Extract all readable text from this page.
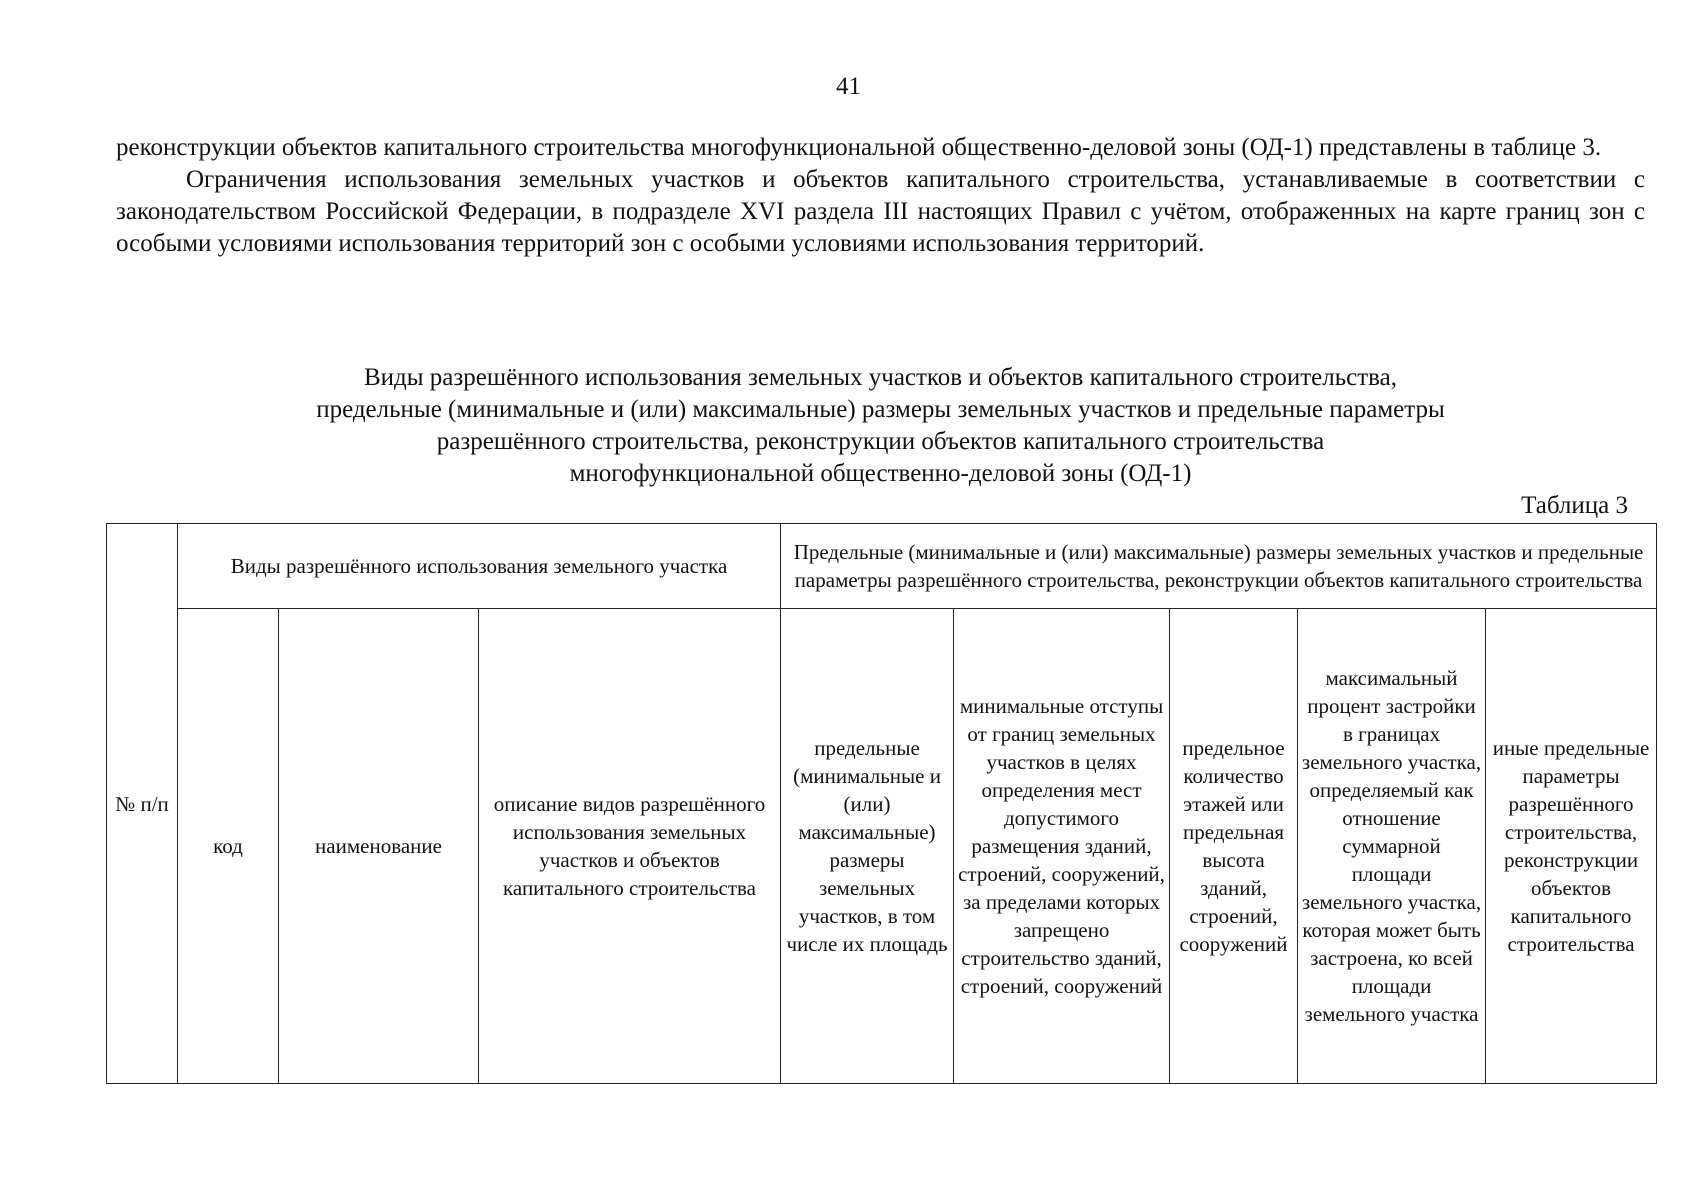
41

реконструкции объектов капитального строительства многофункциональной общественно-деловой зоны (ОД-1) представлены в таблице 3.

Ограничения использования земельных участков и объектов капитального строительства, устанавливаемые в соответствии с законодательством Российской Федерации, в подразделе XVI раздела III настоящих Правил с учётом, отображенных на карте границ зон с особыми условиями использования территорий зон с особыми условиями использования территорий.

Виды разрешённого использования земельных участков и объектов капитального строительства,
предельные (минимальные и (или) максимальные) размеры земельных участков и предельные параметры
разрешённого строительства, реконструкции объектов капитального строительства
многофункциональной общественно-деловой зоны (ОД-1)
Таблица 3
№ п/п	Виды разрешённого использования земельного участка			Предельные (минимальные и (или) максимальные) размеры земельных участков и предельные параметры разрешённого строительства, реконструкции объектов капитального строительства				
	код	наименование	описание видов разрешённого использования земельных участков и объектов капитального строительства	предельные (минимальные и (или) максимальные) размеры земельных участков, в том числе их площадь	минимальные отступы от границ земельных участков в целях определения мест допустимого размещения зданий, строений, сооружений, за пределами которых запрещено строительство зданий, строений, сооружений	предельное количество этажей или предельная высота зданий, строений, сооружений	максимальный процент застройки в границах земельного участка, определяемый как отношение суммарной площади земельного участка, которая может быть застроена, ко всей площади земельного участка	иные предельные параметры разрешённого строительства, реконструкции объектов капитального строительства
